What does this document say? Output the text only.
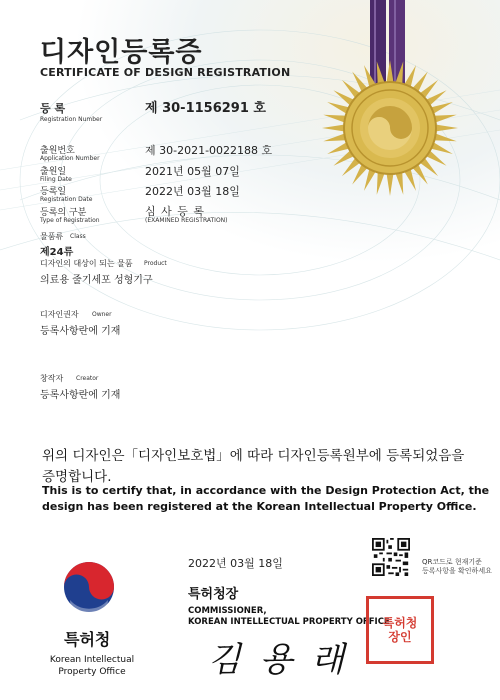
디자인등록증
CERTIFICATE OF DESIGN REGISTRATION
등 록
Registration Number
제 30-1156291 호
출원번호
Application Number
제 30-2021-0022188 호
출원일
Filing Date
2021년 05월 07일
등록일
Registration Date
2022년 03월 18일
등록의 구분
Type of Registration
심 사 등 록
(EXAMINED REGISTRATION)
물품류 Class
제24류
디자인의 대상이 되는 물품 Product
의료용 줄기세포 성형기구
디자인권자 Owner
등록사항란에 기재
창작자 Creator
등록사항란에 기재
위의 디자인은「디자인보호법」에 따라 디자인등록원부에 등록되었음을 증명합니다.
This is to certify that, in accordance with the Design Protection Act, the design has been registered at the Korean Intellectual Property Office.
2022년 03월 18일	QR코드로 현재기준
등록사항을 확인하세요
특허청장
COMMISSIONER,
KOREAN INTELLECTUAL PROPERTY OFFICE
김 용 래
특허청장인
특허청
Korean Intellectual
Property Office
